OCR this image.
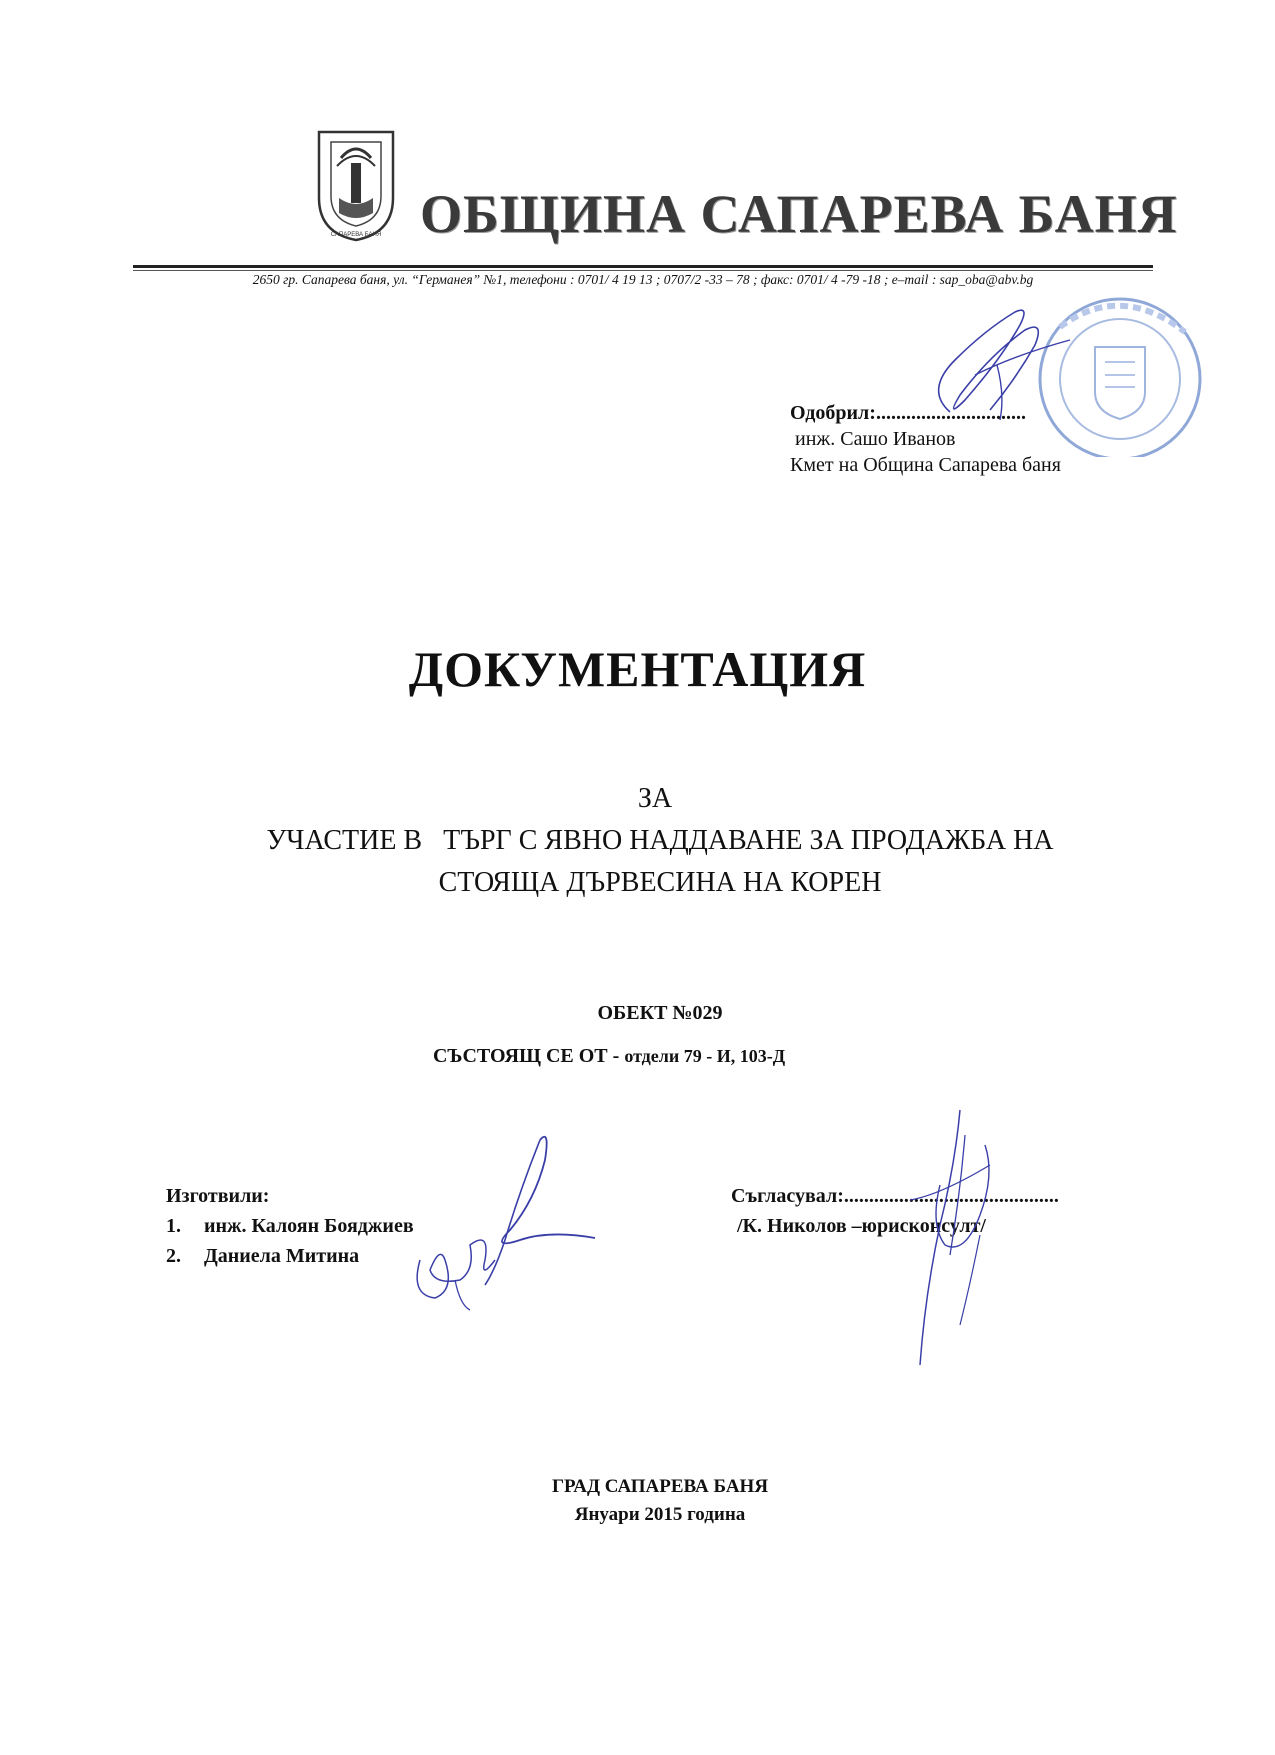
САПАРЕВА БАНЯ ОБЩИНА САПАРЕВА БАНЯ
2650 гр. Сапарева баня, ул. “Германея” №1, телефони : 0701/ 4 19 13 ; 0707/2 -33 – 78 ; факс: 0701/ 4 -79 -18 ; e–mail : sap_oba@abv.bg
Одобрил:..............................
инж. Сашо Иванов
Кмет на Община Сапарева баня
ДОКУМЕНТАЦИЯ
ЗА
УЧАСТИЕ В   ТЪРГ С ЯВНО НАДДАВАНЕ ЗА ПРОДАЖБА НА
СТОЯЩА ДЪРВЕСИНА НА КОРЕН
ОБЕКТ №029
СЪСТОЯЩ СЕ ОТ - отдели 79 - И, 103-Д
Изготвили:
1. инж. Калоян Бояджиев
2. Даниела Митина
Съгласувал:...........................................
/К. Николов –юрисконсулт/
ГРАД САПАРЕВА БАНЯ
Януари 2015 година
